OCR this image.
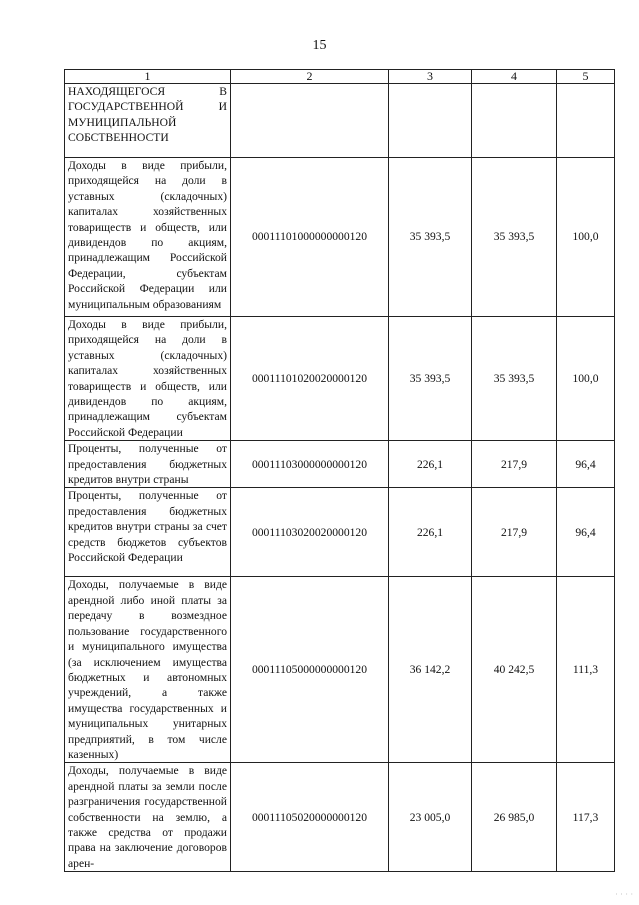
15
1	2	3	4	5
НАХОДЯЩЕГОСЯ В ГОСУДАРСТВЕННОЙ И МУНИЦИПАЛЬНОЙ СОБСТВЕННОСТИ				
Доходы в виде прибыли, приходящейся на доли в уставных (складочных) капиталах хозяйственных товариществ и обществ, или дивидендов по акциям, принадлежащим Российской Федерации, субъектам Российской Федерации или муниципальным образованиям	00011101000000000120	35 393,5	35 393,5	100,0
Доходы в виде прибыли, приходящейся на доли в уставных (складочных) капиталах хозяйственных товариществ и обществ, или дивидендов по акциям, принадлежащим субъектам Российской Федерации	00011101020020000120	35 393,5	35 393,5	100,0
Проценты, полученные от предоставления бюджетных кредитов внутри страны	00011103000000000120	226,1	217,9	96,4
Проценты, полученные от предоставления бюджетных кредитов внутри страны за счет средств бюджетов субъектов Российской Федерации	00011103020020000120	226,1	217,9	96,4
Доходы, получаемые в виде арендной либо иной платы за передачу в возмездное пользование государственного и муниципального имущества (за исключением имущества бюджетных и автономных учреждений, а также имущества государственных и муниципальных унитарных предприятий, в том числе казенных)	00011105000000000120	36 142,2	40 242,5	111,3
Доходы, получаемые в виде арендной платы за земли после разграничения государственной собственности на землю, а также средства от продажи права на заключение договоров арен-	00011105020000000120	23 005,0	26 985,0	117,3
· · · ·
